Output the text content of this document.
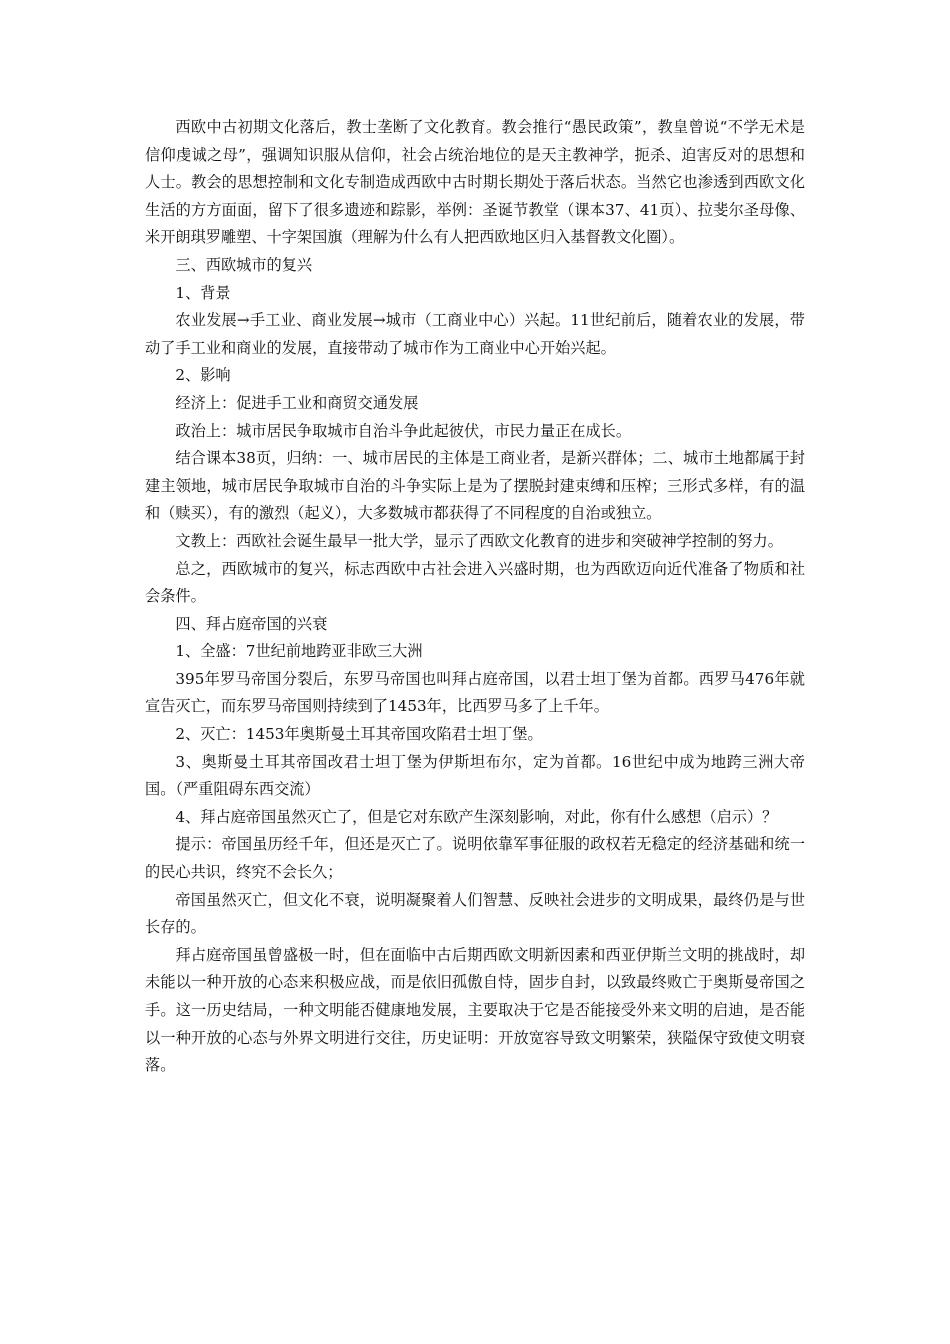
西欧中古初期文化落后，教士垄断了文化教育。教会推行“愚民政策”，教皇曾说“不学无术是信仰虔诚之母”，强调知识服从信仰，社会占统治地位的是天主教神学，扼杀、迫害反对的思想和人士。教会的思想控制和文化专制造成西欧中古时期长期处于落后状态。当然它也渗透到西欧文化生活的方方面面，留下了很多遗迹和踪影，举例：圣诞节教堂（课本37、41页）、拉斐尔圣母像、米开朗琪罗雕塑、十字架国旗（理解为什么有人把西欧地区归入基督教文化圈）。

三、西欧城市的复兴

1、背景

农业发展→手工业、商业发展→城市（工商业中心）兴起。11世纪前后，随着农业的发展，带动了手工业和商业的发展，直接带动了城市作为工商业中心开始兴起。

2、影响

经济上：促进手工业和商贸交通发展

政治上：城市居民争取城市自治斗争此起彼伏，市民力量正在成长。

结合课本38页，归纳：一、城市居民的主体是工商业者，是新兴群体；二、城市土地都属于封建主领地，城市居民争取城市自治的斗争实际上是为了摆脱封建束缚和压榨；三形式多样，有的温和（赎买），有的激烈（起义），大多数城市都获得了不同程度的自治或独立。

文教上：西欧社会诞生最早一批大学，显示了西欧文化教育的进步和突破神学控制的努力。

总之，西欧城市的复兴，标志西欧中古社会进入兴盛时期，也为西欧迈向近代准备了物质和社会条件。

四、拜占庭帝国的兴衰

1、全盛：7世纪前地跨亚非欧三大洲

395年罗马帝国分裂后，东罗马帝国也叫拜占庭帝国，以君士坦丁堡为首都。西罗马476年就宣告灭亡，而东罗马帝国则持续到了1453年，比西罗马多了上千年。

2、灭亡：1453年奥斯曼土耳其帝国攻陷君士坦丁堡。

3、奥斯曼土耳其帝国改君士坦丁堡为伊斯坦布尔，定为首都。16世纪中成为地跨三洲大帝国。（严重阻碍东西交流）

4、拜占庭帝国虽然灭亡了，但是它对东欧产生深刻影响，对此，你有什么感想（启示）？

提示：帝国虽历经千年，但还是灭亡了。说明依靠军事征服的政权若无稳定的经济基础和统一的民心共识，终究不会长久；

帝国虽然灭亡，但文化不衰，说明凝聚着人们智慧、反映社会进步的文明成果，最终仍是与世长存的。

拜占庭帝国虽曾盛极一时，但在面临中古后期西欧文明新因素和西亚伊斯兰文明的挑战时，却未能以一种开放的心态来积极应战，而是依旧孤傲自恃，固步自封，以致最终败亡于奥斯曼帝国之手。这一历史结局，一种文明能否健康地发展，主要取决于它是否能接受外来文明的启迪，是否能以一种开放的心态与外界文明进行交往，历史证明：开放宽容导致文明繁荣，狭隘保守致使文明衰落。
